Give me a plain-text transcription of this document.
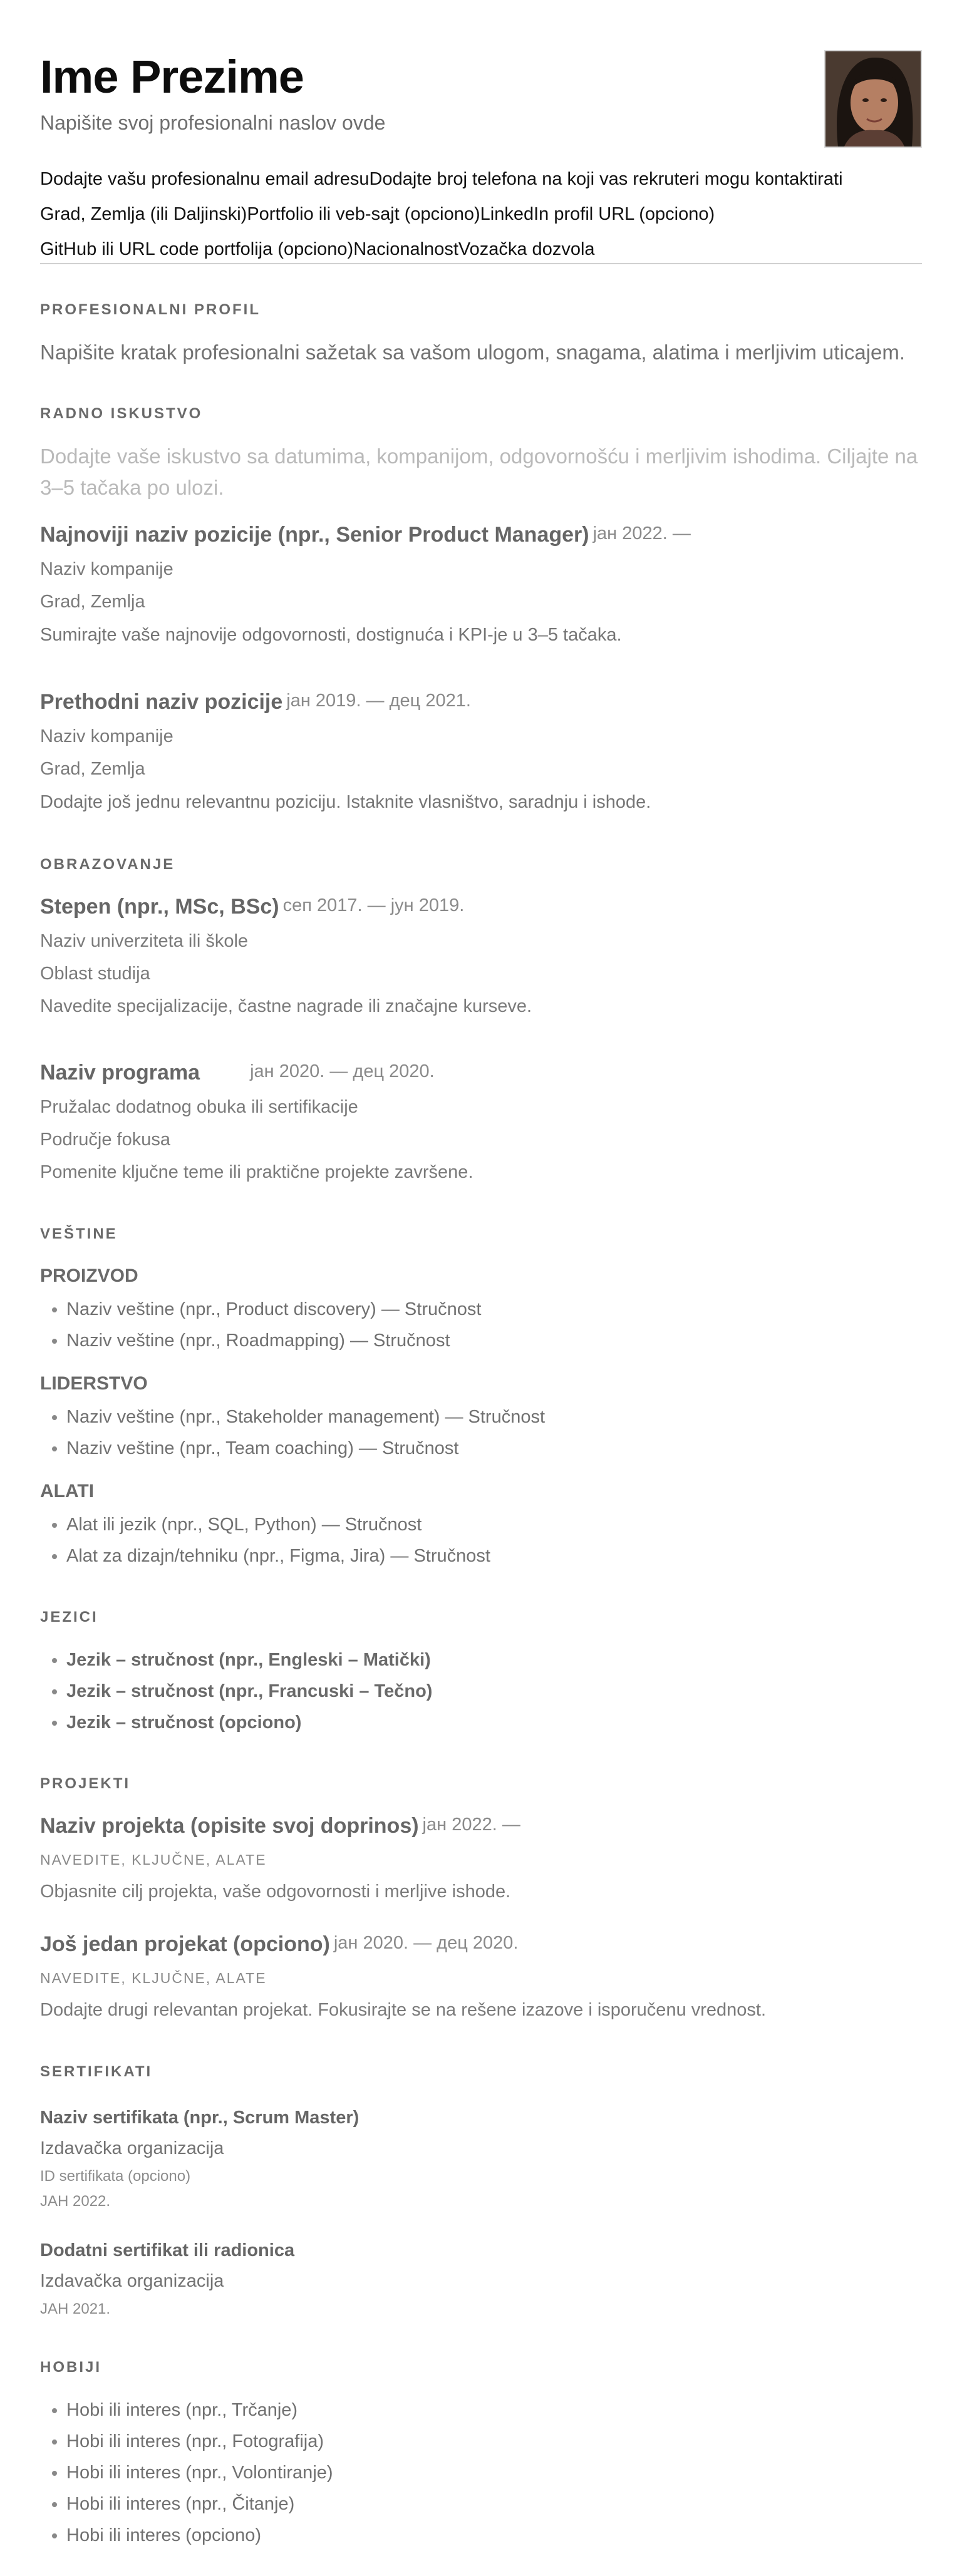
Ime Prezime
Napišite svoj profesionalni naslov ovde
Dodajte vašu profesionalnu email adresuDodajte broj telefona na koji vas rekruteri mogu kontaktirati
Grad, Zemlja (ili Daljinski)Portfolio ili veb-sajt (opciono)LinkedIn profil URL (opciono)
GitHub ili URL code portfolija (opciono)NacionalnostVozačka dozvola
PROFESIONALNI PROFIL
Napišite kratak profesionalni sažetak sa vašom ulogom, snagama, alatima i merljivim uticajem.
RADNO ISKUSTVO
Dodajte vaše iskustvo sa datumima, kompanijom, odgovornošću i merljivim ishodima. Ciljajte na 3–5 tačaka po ulozi.
Najnoviji naziv pozicije (npr., Senior Product Manager) јан 2022. —
Naziv kompanije
Grad, Zemlja
Sumirajte vaše najnovije odgovornosti, dostignuća i KPI-je u 3–5 tačaka.
Prethodni naziv pozicije јан 2019. — дец 2021.
Naziv kompanije
Grad, Zemlja
Dodajte još jednu relevantnu poziciju. Istaknite vlasništvo, saradnju i ishode.
OBRAZOVANJE
Stepen (npr., MSc, BSc) сеп 2017. — јун 2019.
Naziv univerziteta ili škole
Oblast studija
Navedite specijalizacije, častne nagrade ili značajne kurseve.
Naziv programa	јан 2020. — дец 2020.
Pružalac dodatnog obuka ili sertifikacije
Područje fokusa
Pomenite ključne teme ili praktične projekte završene.
VEŠTINE
PROIZVOD
• Naziv veštine (npr., Product discovery) — Stručnost
• Naziv veštine (npr., Roadmapping) — Stručnost
LIDERSTVO
• Naziv veštine (npr., Stakeholder management) — Stručnost
• Naziv veštine (npr., Team coaching) — Stručnost
ALATI
• Alat ili jezik (npr., SQL, Python) — Stručnost
• Alat za dizajn/tehniku (npr., Figma, Jira) — Stručnost
JEZICI
• Jezik – stručnost (npr., Engleski – Matički)
• Jezik – stručnost (npr., Francuski – Tečno)
• Jezik – stručnost (opciono)
PROJEKTI
Naziv projekta (opisite svoj doprinos) јан 2022. —
NAVEDITE, KLJUČNE, ALATE
Objasnite cilj projekta, vaše odgovornosti i merljive ishode.
Još jedan projekat (opciono) јан 2020. — дец 2020.
NAVEDITE, KLJUČNE, ALATE
Dodajte drugi relevantan projekat. Fokusirajte se na rešene izazove i isporučenu vrednost.
SERTIFIKATI
Naziv sertifikata (npr., Scrum Master)
Izdavačka organizacija
ID sertifikata (opciono)
ЈАН 2022.
Dodatni sertifikat ili radionica
Izdavačka organizacija
ЈАН 2021.
HOBIJI
• Hobi ili interes (npr., Trčanje)
• Hobi ili interes (npr., Fotografija)
• Hobi ili interes (npr., Volontiranje)
• Hobi ili interes (npr., Čitanje)
• Hobi ili interes (opciono)
